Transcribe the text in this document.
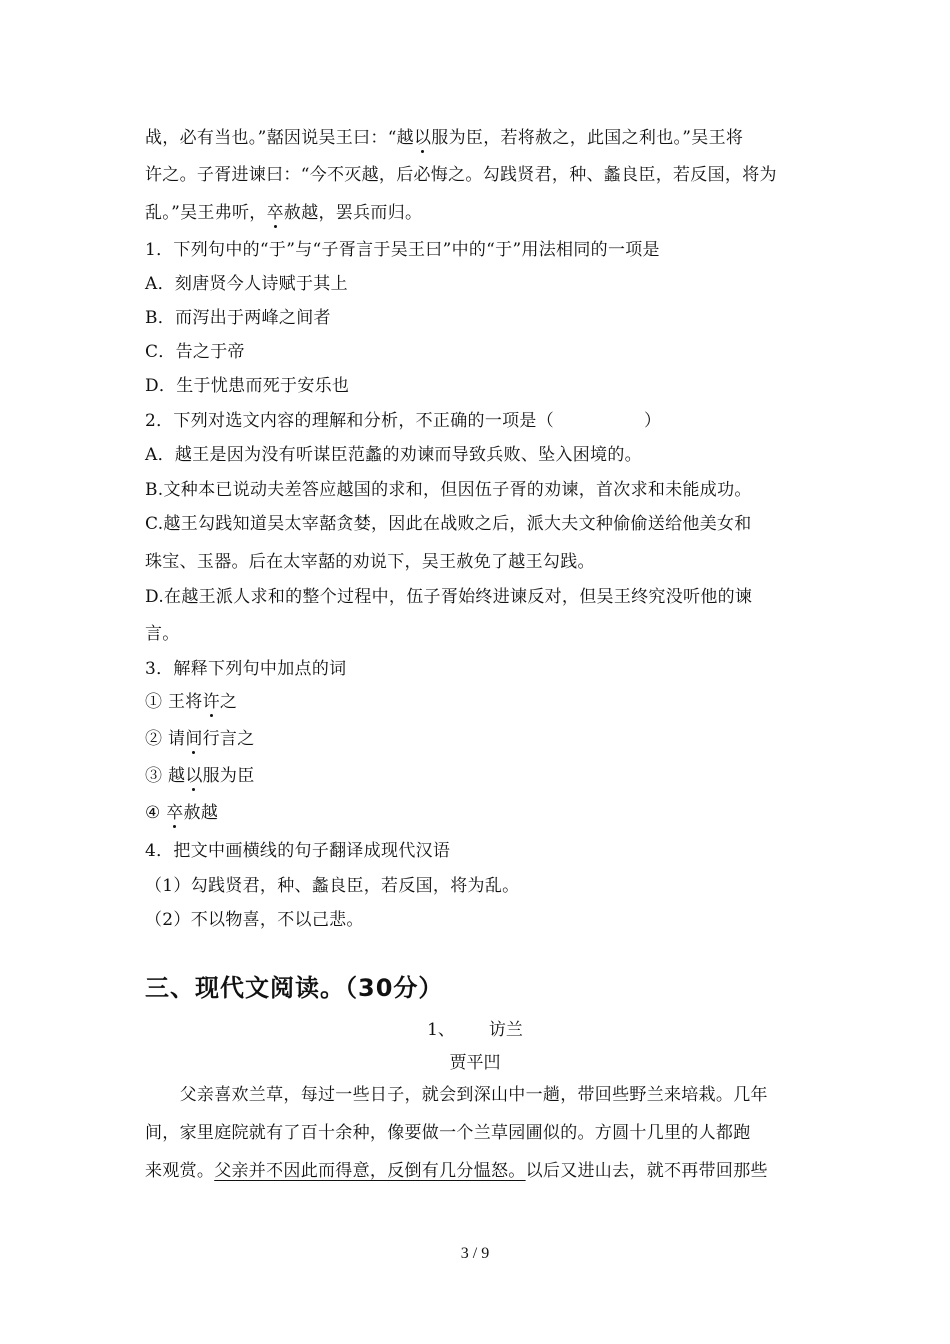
战，必有当也。”嚭因说吴王曰：“越以服为臣，若将赦之，此国之利也。”吴王将
许之。子胥进谏曰：“今不灭越，后必悔之。勾践贤君，种、蠡良臣，若反国，将为
乱。”吴王弗听，卒赦越，罢兵而归。
1．下列句中的“于”与“子胥言于吴王曰”中的“于”用法相同的一项是
A．刻唐贤今人诗赋于其上
B．而泻出于两峰之间者
C．告之于帝
D．生于忧患而死于安乐也
2．下列对选文内容的理解和分析，不正确的一项是（	）
A．越王是因为没有听谋臣范蠡的劝谏而导致兵败、坠入困境的。
B.文种本已说动夫差答应越国的求和，但因伍子胥的劝谏，首次求和未能成功。
C.越王勾践知道吴太宰嚭贪婪，因此在战败之后，派大夫文种偷偷送给他美女和
珠宝、玉器。后在太宰嚭的劝说下，吴王赦免了越王勾践。
D.在越王派人求和的整个过程中，伍子胥始终进谏反对，但吴王终究没听他的谏
言。
3．解释下列句中加点的词
① 王将许之
② 请间行言之
③ 越以服为臣
④ 卒赦越
4．把文中画横线的句子翻译成现代汉语
（1）勾践贤君，种、蠡良臣，若反国，将为乱。
（2）不以物喜，不以己悲。
三、现代文阅读。（30分）
1、 访兰
贾平凹
　　父亲喜欢兰草，每过一些日子，就会到深山中一趟，带回些野兰来培栽。几年
间，家里庭院就有了百十余种，像要做一个兰草园圃似的。方圆十几里的人都跑
来观赏。父亲并不因此而得意，反倒有几分愠怒。以后又进山去，就不再带回那些
3 / 9
